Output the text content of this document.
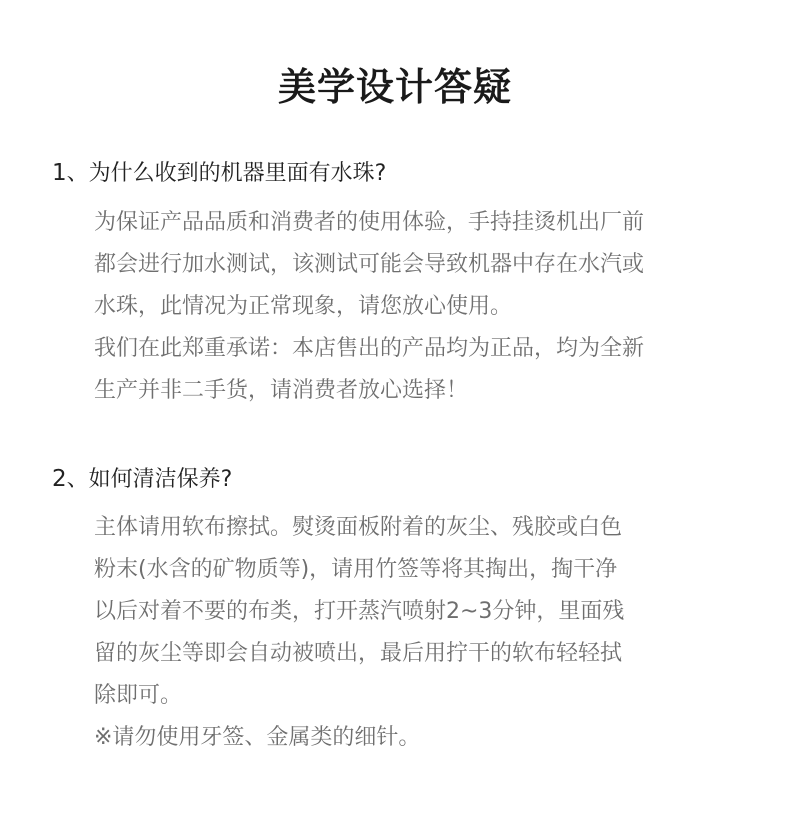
美学设计答疑
1、为什么收到的机器里面有水珠?
为保证产品品质和消费者的使用体验，手持挂烫机出厂前
都会进行加水测试，该测试可能会导致机器中存在水汽或
水珠，此情况为正常现象，请您放心使用。
我们在此郑重承诺：本店售出的产品均为正品，均为全新
生产并非二手货，请消费者放心选择！
2、如何清洁保养?
主体请用软布擦拭。熨烫面板附着的灰尘、残胶或白色
粉末(水含的矿物质等)，请用竹签等将其掏出，掏干净
以后对着不要的布类，打开蒸汽喷射2~3分钟，里面残
留的灰尘等即会自动被喷出，最后用拧干的软布轻轻拭
除即可。
※请勿使用牙签、金属类的细针。
